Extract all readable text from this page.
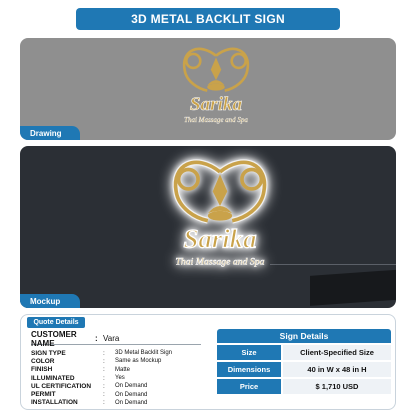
3D METAL BACKLIT SIGN
Sarika
Thai Massage and Spa
Drawing
Sarika
Thai Massage and Spa
Mockup
Quote Details
CUSTOMER NAME	: Vara
SIGN TYPE	:	3D Metal Backlit Sign
COLOR	:	Same as Mockup
FINISH	:	Matte
ILLUMINATED	:	Yes
UL CERTIFICATION	:	On Demand
PERMIT	:	On Demand
INSTALLATION	:	On Demand
Sign Details
Size	Client-Specified Size
Dimensions	40 in W x 48 in H
Price	$ 1,710 USD
